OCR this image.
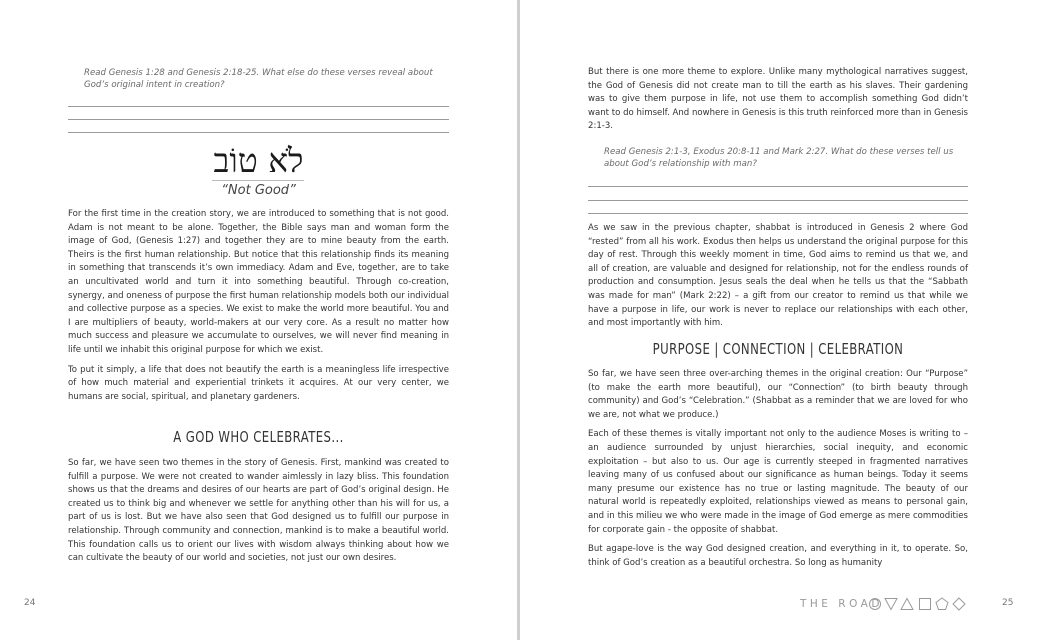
Read Genesis 1:28 and Genesis 2:18-25. What else do these verses reveal about God’s original intent in creation?
לֹא טוֹב
“Not Good”

For the first time in the creation story, we are introduced to something that is not good. Adam is not meant to be alone. Together, the Bible says man and woman form the image of God, (Genesis 1:27) and together they are to mine beauty from the earth. Theirs is the first human relationship. But notice that this relationship finds its meaning in something that transcends it’s own immediacy. Adam and Eve, together, are to take an uncultivated world and turn it into something beautiful. Through co-creation, synergy, and oneness of purpose the first human relationship models both our individual and collective purpose as a species. We exist to make the world more beautiful. You and I are multipliers of beauty, world-makers at our very core. As a result no matter how much success and pleasure we accumulate to ourselves, we will never find meaning in life until we inhabit this original purpose for which we exist.

To put it simply, a life that does not beautify the earth is a meaningless life irrespective of how much material and experiential trinkets it acquires. At our very center, we humans are social, spiritual, and planetary gardeners.

A GOD WHO CELEBRATES...

So far, we have seen two themes in the story of Genesis. First, mankind was created to fulfill a purpose. We were not created to wander aimlessly in lazy bliss. This foundation shows us that the dreams and desires of our hearts are part of God’s original design. He created us to think big and whenever we settle for anything other than his will for us, a part of us is lost. But we have also seen that God designed us to fulfill our purpose in relationship. Through community and connection, mankind is to make a beautiful world. This foundation calls us to orient our lives with wisdom always thinking about how we can cultivate the beauty of our world and societies, not just our own desires.

24

But there is one more theme to explore. Unlike many mythological narratives suggest, the God of Genesis did not create man to till the earth as his slaves. Their gardening was to give them purpose in life, not use them to accomplish something God didn’t want to do himself. And nowhere in Genesis is this truth reinforced more than in Genesis 2:1-3.

Read Genesis 2:1-3, Exodus 20:8-11 and Mark 2:27. What do these verses tell us about God’s relationship with man?

As we saw in the previous chapter, shabbat is introduced in Genesis 2 where God “rested” from all his work. Exodus then helps us understand the original purpose for this day of rest. Through this weekly moment in time, God aims to remind us that we, and all of creation, are valuable and designed for relationship, not for the endless rounds of production and consumption. Jesus seals the deal when he tells us that the “Sabbath was made for man” (Mark 2:22) – a gift from our creator to remind us that while we have a purpose in life, our work is never to replace our relationships with each other, and most importantly with him.

PURPOSE | CONNECTION | CELEBRATION

So far, we have seen three over-arching themes in the original creation: Our “Purpose” (to make the earth more beautiful), our “Connection” (to birth beauty through community) and God’s “Celebration.” (Shabbat as a reminder that we are loved for who we are, not what we produce.)

Each of these themes is vitally important not only to the audience Moses is writing to – an audience surrounded by unjust hierarchies, social inequity, and economic exploitation – but also to us. Our age is currently steeped in fragmented narratives leaving many of us confused about our significance as human beings. Today it seems many presume our existence has no true or lasting magnitude. The beauty of our natural world is repeatedly exploited, relationships viewed as means to personal gain, and in this milieu we who were made in the image of God emerge as mere commodities for corporate gain - the opposite of shabbat.

But agape-love is the way God designed creation, and everything in it, to operate. So, think of God’s creation as a beautiful orchestra. So long as humanity

THE ROAD	25
